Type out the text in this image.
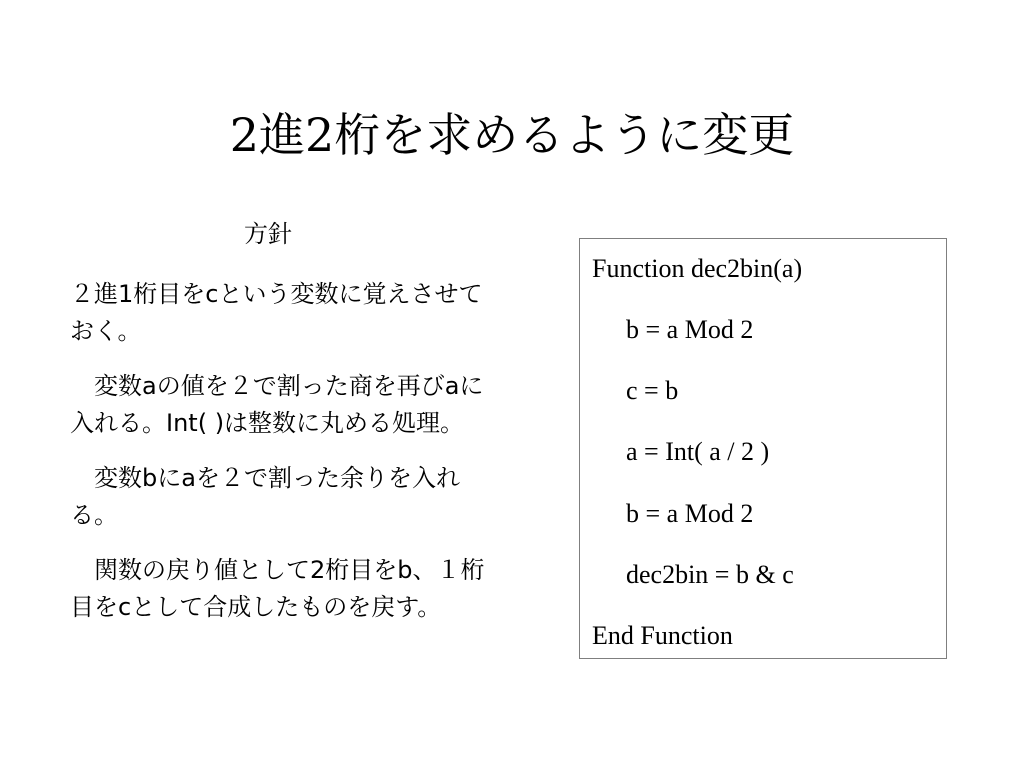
2進2桁を求めるように変更
方針

２進1桁目をcという変数に覚えさせておく。

変数aの値を２で割った商を再びaに入れる。Int( )は整数に丸める処理。

変数bにaを２で割った余りを入れる。

関数の戻り値として2桁目をb、１桁目をcとして合成したものを戻す。

Function dec2bin(a)
b = a Mod 2
c = b
a = Int( a / 2 )
b = a Mod 2
dec2bin = b & c
End Function
